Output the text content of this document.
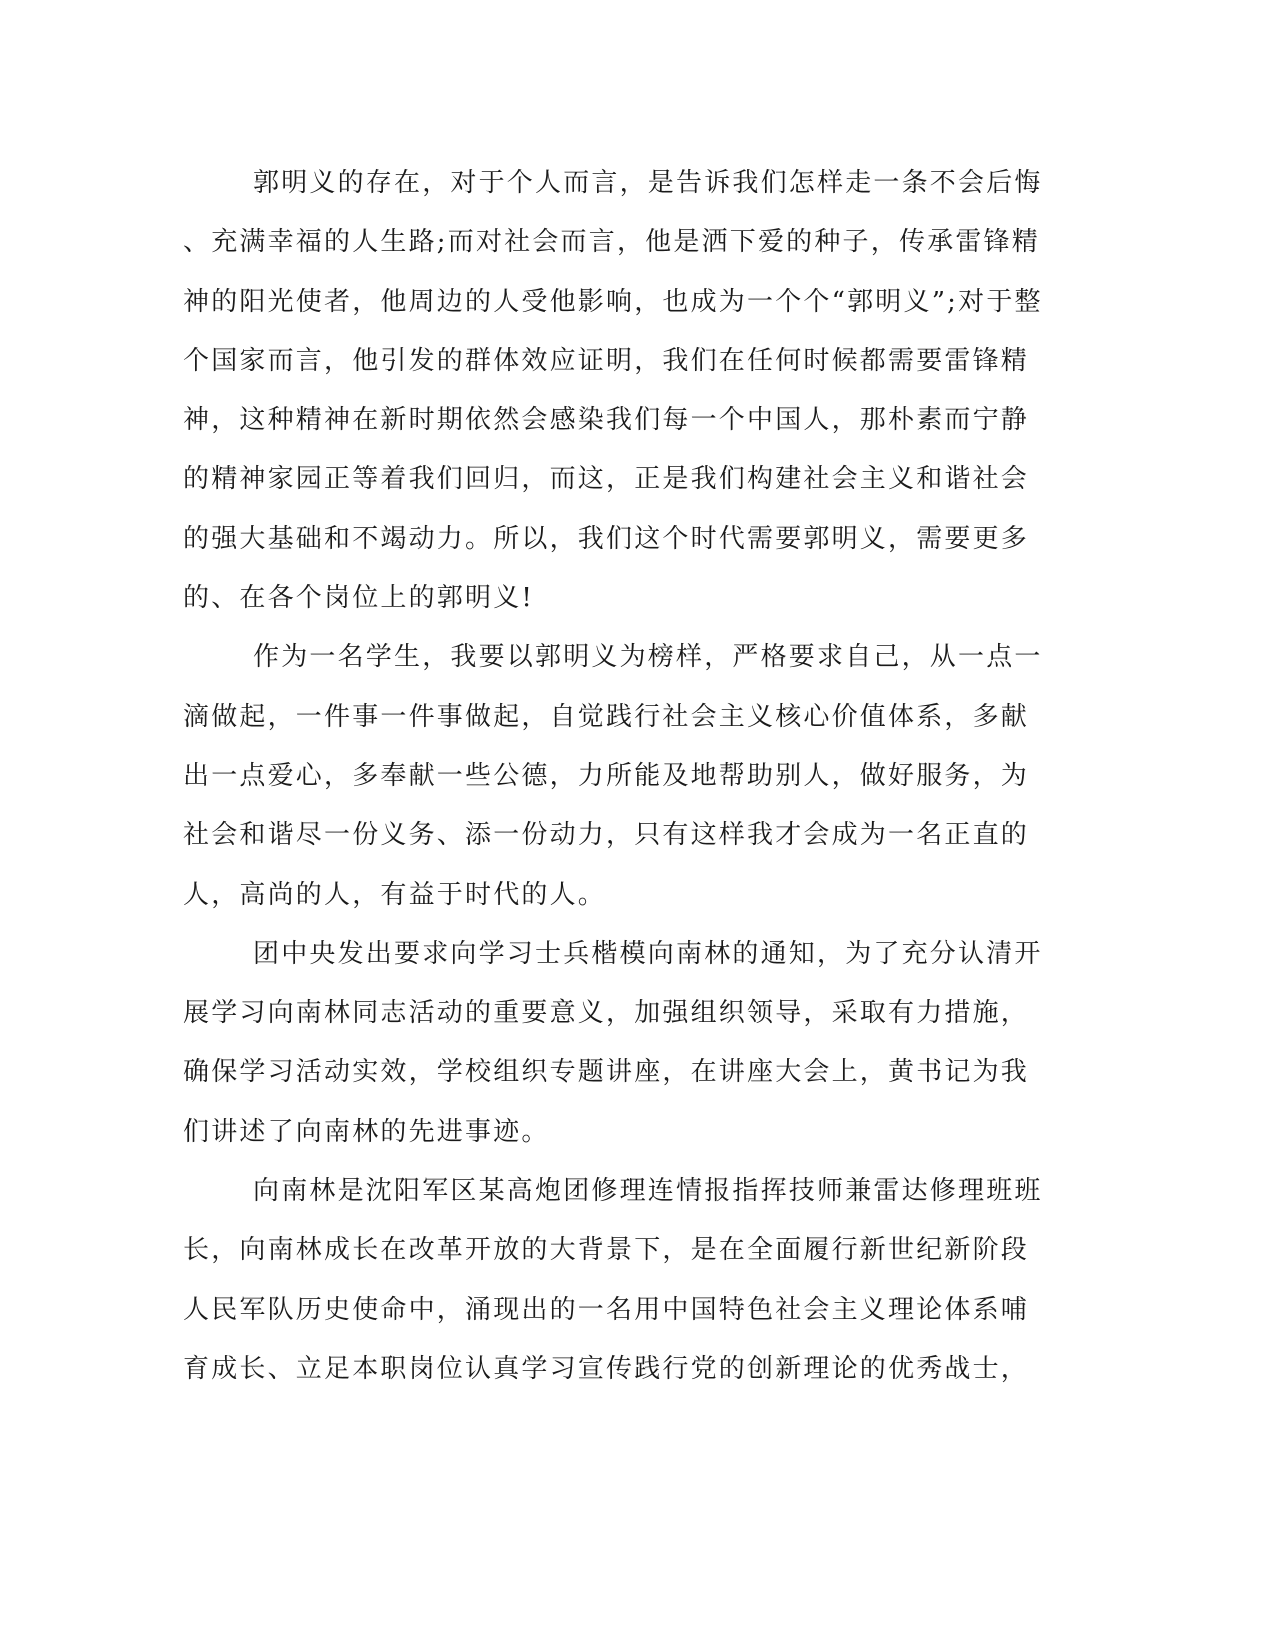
郭明义的存在，对于个人而言，是告诉我们怎样走一条不会后悔
、充满幸福的人生路;而对社会而言，他是洒下爱的种子，传承雷锋精
神的阳光使者，他周边的人受他影响，也成为一个个“郭明义”;对于整
个国家而言，他引发的群体效应证明，我们在任何时候都需要雷锋精
神，这种精神在新时期依然会感染我们每一个中国人，那朴素而宁静
的精神家园正等着我们回归，而这，正是我们构建社会主义和谐社会
的强大基础和不竭动力。所以，我们这个时代需要郭明义，需要更多
的、在各个岗位上的郭明义!
作为一名学生，我要以郭明义为榜样，严格要求自己，从一点一
滴做起，一件事一件事做起，自觉践行社会主义核心价值体系，多献
出一点爱心，多奉献一些公德，力所能及地帮助别人，做好服务，为
社会和谐尽一份义务、添一份动力，只有这样我才会成为一名正直的
人，高尚的人，有益于时代的人。
团中央发出要求向学习士兵楷模向南林的通知，为了充分认清开
展学习向南林同志活动的重要意义，加强组织领导，采取有力措施，
确保学习活动实效，学校组织专题讲座，在讲座大会上，黄书记为我
们讲述了向南林的先进事迹。
向南林是沈阳军区某高炮团修理连情报指挥技师兼雷达修理班班
长，向南林成长在改革开放的大背景下，是在全面履行新世纪新阶段
人民军队历史使命中，涌现出的一名用中国特色社会主义理论体系哺
育成长、立足本职岗位认真学习宣传践行党的创新理论的优秀战士，
